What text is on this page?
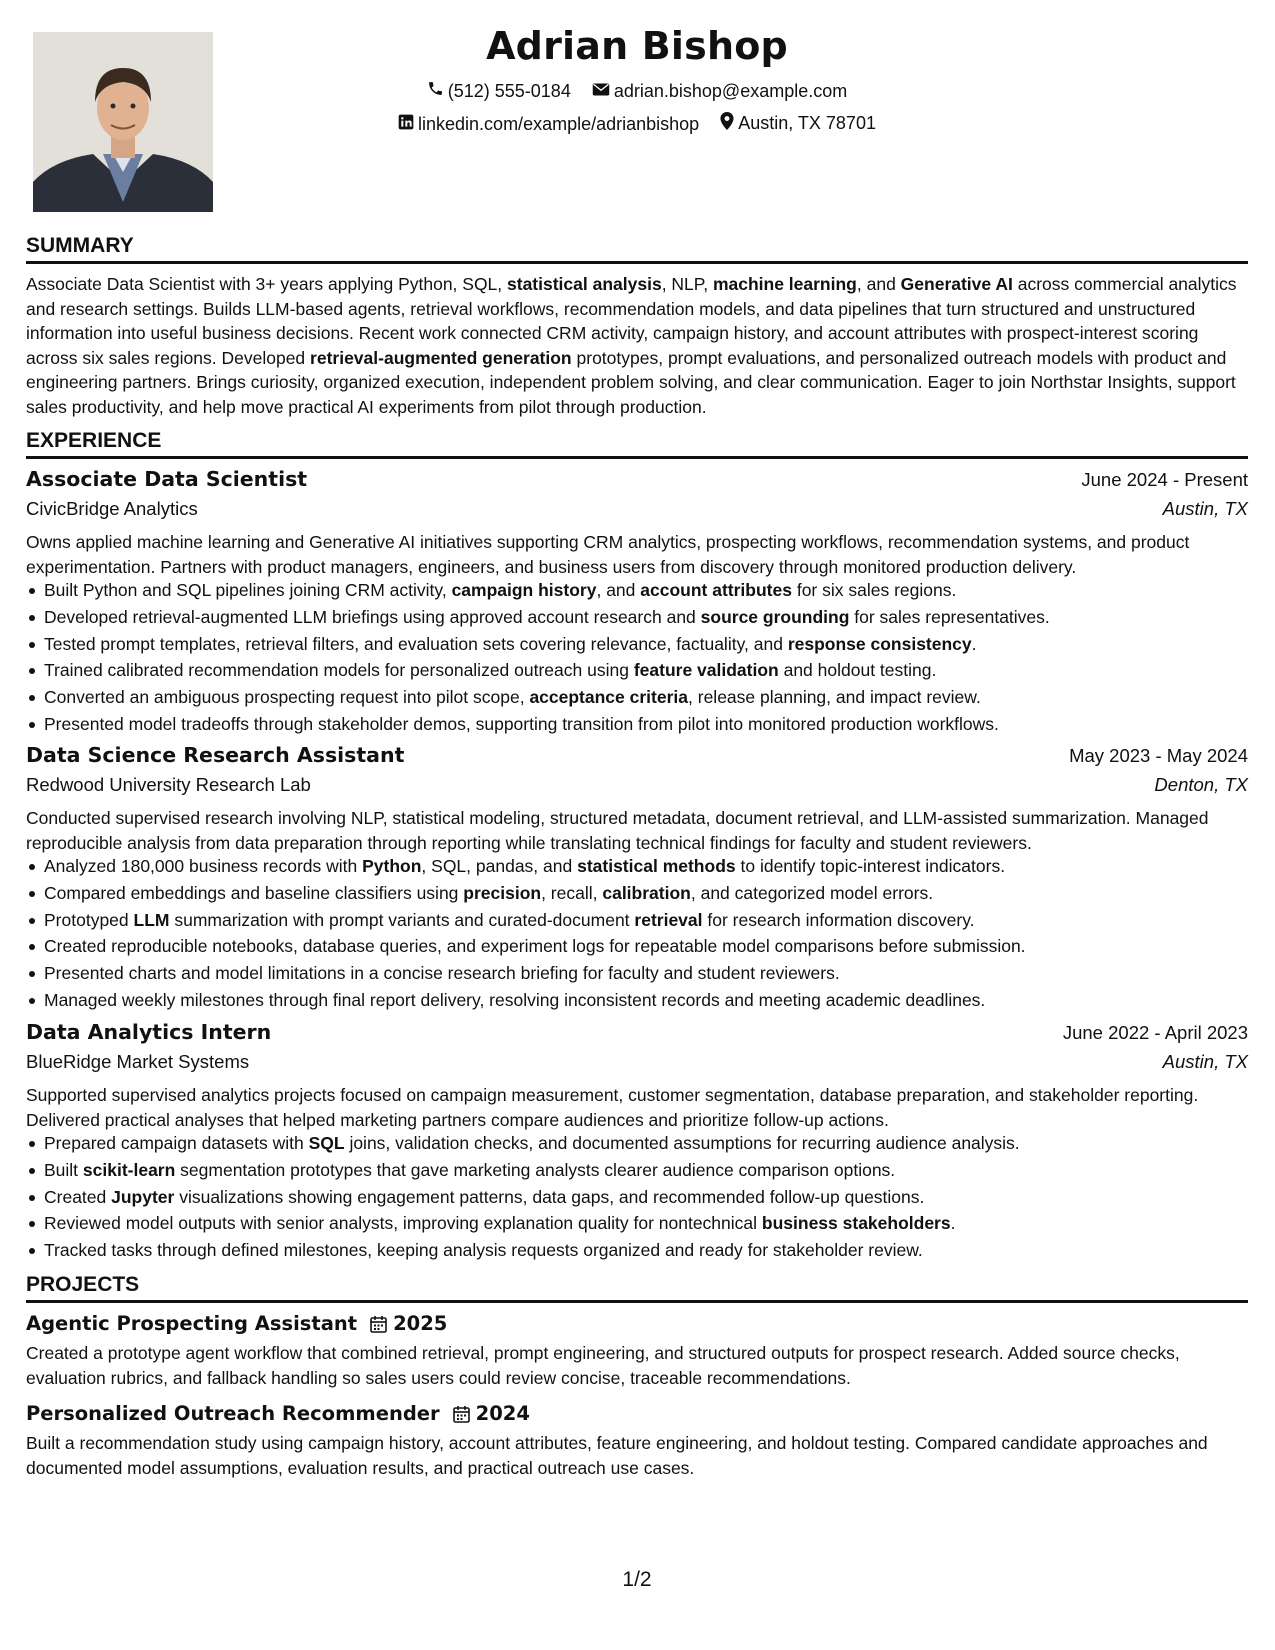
Adrian Bishop
(512) 555-0184
adrian.bishop@example.com
linkedin.com/example/adrianbishop
Austin, TX 78701
SUMMARY
Associate Data Scientist with 3+ years applying Python, SQL, statistical analysis, NLP, machine learning, and Generative AI across commercial analytics and research settings. Builds LLM-based agents, retrieval workflows, recommendation models, and data pipelines that turn structured and unstructured information into useful business decisions. Recent work connected CRM activity, campaign history, and account attributes with prospect-interest scoring across six sales regions. Developed retrieval-augmented generation prototypes, prompt evaluations, and personalized outreach models with product and engineering partners. Brings curiosity, organized execution, independent problem solving, and clear communication. Eager to join Northstar Insights, support sales productivity, and help move practical AI experiments from pilot through production.
EXPERIENCE
Associate Data Scientist	June 2024 - Present
CivicBridge Analytics	Austin, TX
Owns applied machine learning and Generative AI initiatives supporting CRM analytics, prospecting workflows, recommendation systems, and product experimentation. Partners with product managers, engineers, and business users from discovery through monitored production delivery.
Built Python and SQL pipelines joining CRM activity, campaign history, and account attributes for six sales regions.
Developed retrieval-augmented LLM briefings using approved account research and source grounding for sales representatives.
Tested prompt templates, retrieval filters, and evaluation sets covering relevance, factuality, and response consistency.
Trained calibrated recommendation models for personalized outreach using feature validation and holdout testing.
Converted an ambiguous prospecting request into pilot scope, acceptance criteria, release planning, and impact review.
Presented model tradeoffs through stakeholder demos, supporting transition from pilot into monitored production workflows.
Data Science Research Assistant	May 2023 - May 2024
Redwood University Research Lab	Denton, TX
Conducted supervised research involving NLP, statistical modeling, structured metadata, document retrieval, and LLM-assisted summarization. Managed reproducible analysis from data preparation through reporting while translating technical findings for faculty and student reviewers.
Analyzed 180,000 business records with Python, SQL, pandas, and statistical methods to identify topic-interest indicators.
Compared embeddings and baseline classifiers using precision, recall, calibration, and categorized model errors.
Prototyped LLM summarization with prompt variants and curated-document retrieval for research information discovery.
Created reproducible notebooks, database queries, and experiment logs for repeatable model comparisons before submission.
Presented charts and model limitations in a concise research briefing for faculty and student reviewers.
Managed weekly milestones through final report delivery, resolving inconsistent records and meeting academic deadlines.
Data Analytics Intern	June 2022 - April 2023
BlueRidge Market Systems	Austin, TX
Supported supervised analytics projects focused on campaign measurement, customer segmentation, database preparation, and stakeholder reporting. Delivered practical analyses that helped marketing partners compare audiences and prioritize follow-up actions.
Prepared campaign datasets with SQL joins, validation checks, and documented assumptions for recurring audience analysis.
Built scikit-learn segmentation prototypes that gave marketing analysts clearer audience comparison options.
Created Jupyter visualizations showing engagement patterns, data gaps, and recommended follow-up questions.
Reviewed model outputs with senior analysts, improving explanation quality for nontechnical business stakeholders.
Tracked tasks through defined milestones, keeping analysis requests organized and ready for stakeholder review.
PROJECTS
Agentic Prospecting Assistant 2025
Created a prototype agent workflow that combined retrieval, prompt engineering, and structured outputs for prospect research. Added source checks, evaluation rubrics, and fallback handling so sales users could review concise, traceable recommendations.
Personalized Outreach Recommender 2024
Built a recommendation study using campaign history, account attributes, feature engineering, and holdout testing. Compared candidate approaches and documented model assumptions, evaluation results, and practical outreach use cases.
1/2
